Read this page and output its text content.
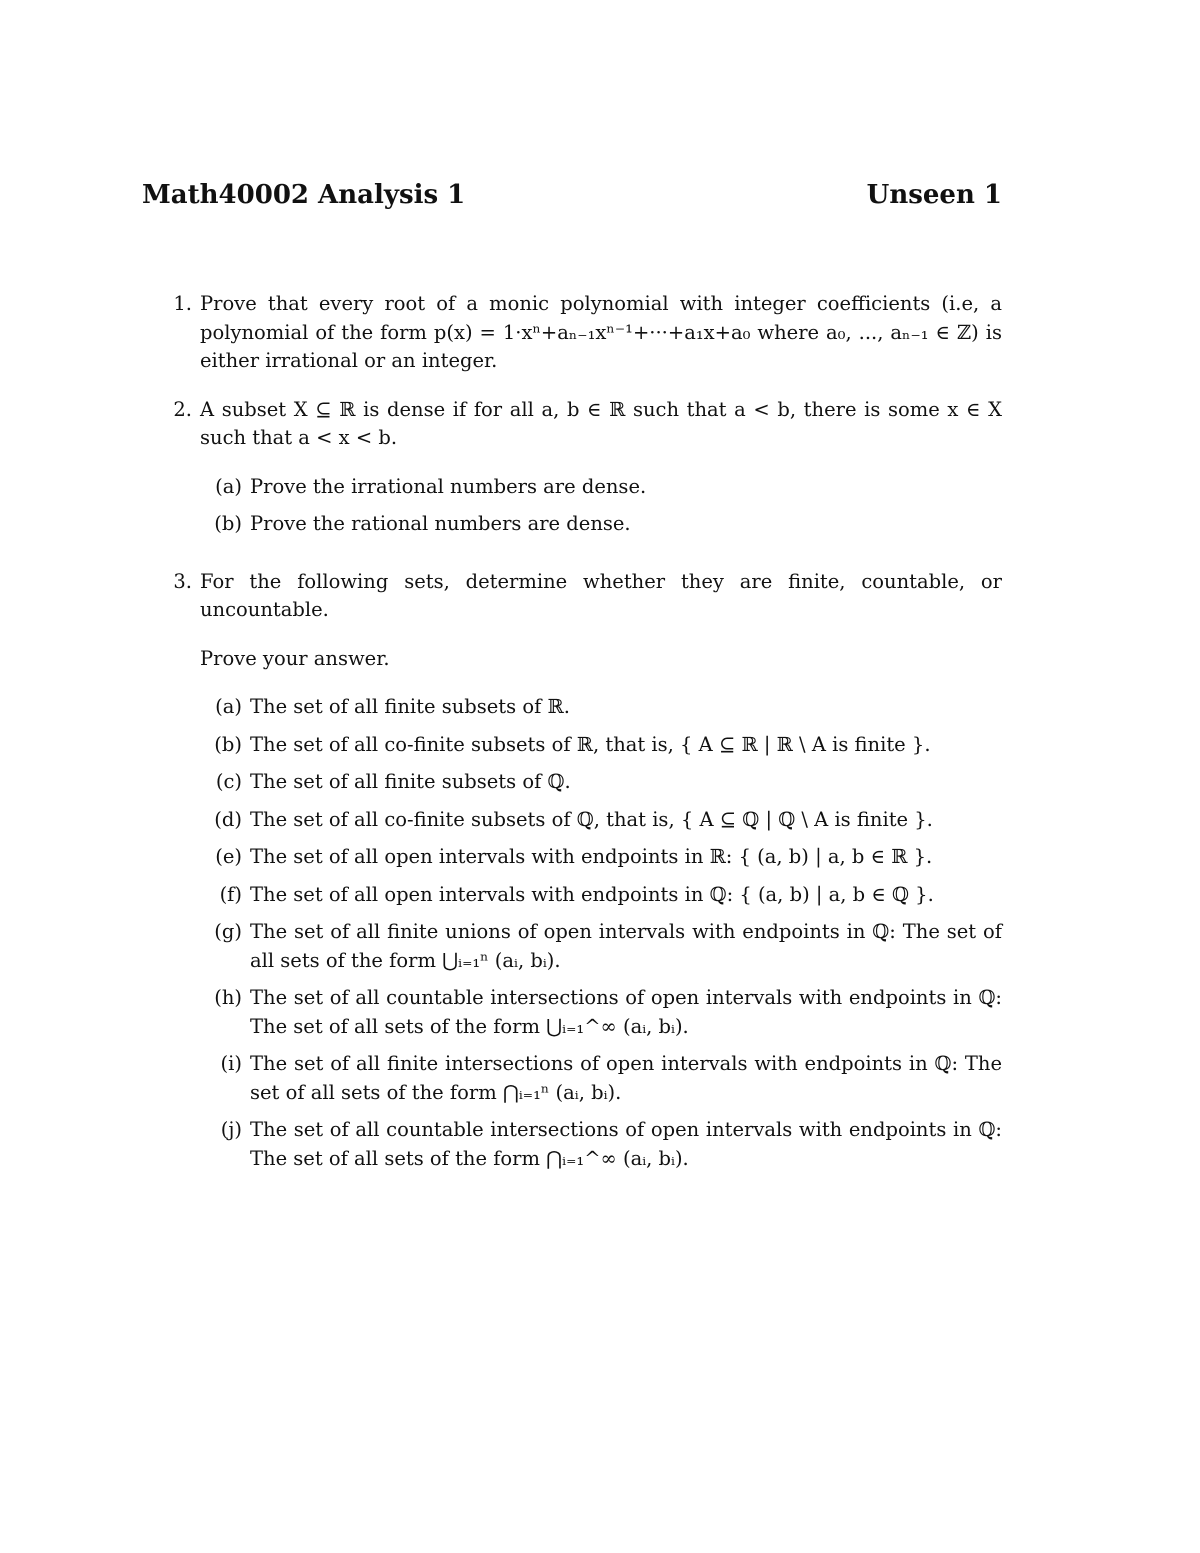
Math40002 Analysis 1	Unseen 1
1. Prove that every root of a monic polynomial with integer coefficients (i.e, a polynomial of the form p(x) = 1·xⁿ+aₙ₋₁xⁿ⁻¹+···+a₁x+a₀ where a₀, ..., aₙ₋₁ ∈ ℤ) is either irrational or an integer.

2. A subset X ⊆ ℝ is dense if for all a, b ∈ ℝ such that a < b, there is some x ∈ X such that a < x < b.

(a) Prove the irrational numbers are dense.
(b) Prove the rational numbers are dense.
3. For the following sets, determine whether they are finite, countable, or uncountable.

Prove your answer.

(a) The set of all finite subsets of ℝ.
(b) The set of all co-finite subsets of ℝ, that is, { A ⊆ ℝ | ℝ \ A is finite }.
(c) The set of all finite subsets of ℚ.
(d) The set of all co-finite subsets of ℚ, that is, { A ⊆ ℚ | ℚ \ A is finite }.
(e) The set of all open intervals with endpoints in ℝ: { (a, b) | a, b ∈ ℝ }.
(f) The set of all open intervals with endpoints in ℚ: { (a, b) | a, b ∈ ℚ }.
(g) The set of all finite unions of open intervals with endpoints in ℚ: The set of all sets of the form ⋃ᵢ₌₁ⁿ (aᵢ, bᵢ).
(h) The set of all countable intersections of open intervals with endpoints in ℚ: The set of all sets of the form ⋃ᵢ₌₁^∞ (aᵢ, bᵢ).
(i) The set of all finite intersections of open intervals with endpoints in ℚ: The set of all sets of the form ⋂ᵢ₌₁ⁿ (aᵢ, bᵢ).
(j) The set of all countable intersections of open intervals with endpoints in ℚ: The set of all sets of the form ⋂ᵢ₌₁^∞ (aᵢ, bᵢ).
